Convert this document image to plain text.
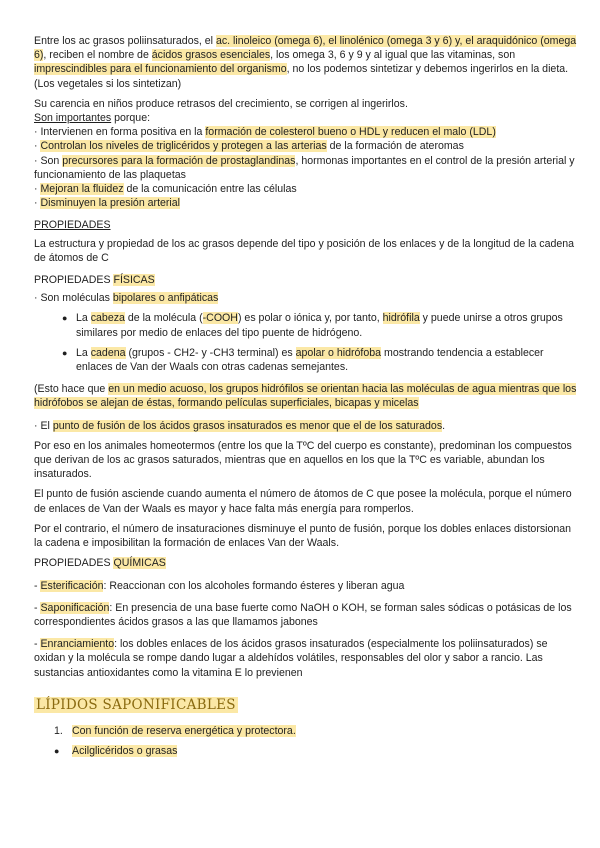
Entre los ac grasos poliinsaturados, el ac. linoleico (omega 6), el linolénico (omega 3 y 6) y, el araquidónico (omega 6), reciben el nombre de ácidos grasos esenciales, los omega 3, 6 y 9 y al igual que las vitaminas, son imprescindibles para el funcionamiento del organismo, no los podemos sintetizar y debemos ingerirlos en la dieta. (Los vegetales si los sintetizan)

Su carencia en niños produce retrasos del crecimiento, se corrigen al ingerirlos.

Son importantes porque:

· Intervienen en forma positiva en la formación de colesterol bueno o HDL y reducen el malo (LDL)

· Controlan los niveles de triglicéridos y protegen a las arterias de la formación de ateromas

· Son precursores para la formación de prostaglandinas, hormonas importantes en el control de la presión arterial y funcionamiento de las plaquetas

· Mejoran la fluidez de la comunicación entre las células

· Disminuyen la presión arterial

PROPIEDADES

La estructura y propiedad de los ac grasos depende del tipo y posición de los enlaces y de la longitud de la cadena de átomos de C

PROPIEDADES FÍSICAS

· Son moléculas bipolares o anfipáticas

● La cabeza de la molécula (-COOH) es polar o iónica y, por tanto, hidrófila y puede unirse a otros grupos similares por medio de enlaces del tipo puente de hidrógeno.
● La cadena (grupos - CH2- y -CH3 terminal) es apolar o hidrófoba mostrando tendencia a establecer enlaces de Van der Waals con otras cadenas semejantes.

(Esto hace que en un medio acuoso, los grupos hidrófilos se orientan hacia las moléculas de agua mientras que los hidrófobos se alejan de éstas, formando películas superficiales, bicapas y micelas

· El punto de fusión de los ácidos grasos insaturados es menor que el de los saturados.

Por eso en los animales homeotermos (entre los que la TºC del cuerpo es constante), predominan los compuestos que derivan de los ac grasos saturados, mientras que en aquellos en los que la TºC es variable, abundan los insaturados.

El punto de fusión asciende cuando aumenta el número de átomos de C que posee la molécula, porque el número de enlaces de Van der Waals es mayor y hace falta más energía para romperlos.

Por el contrario, el número de insaturaciones disminuye el punto de fusión, porque los dobles enlaces distorsionan la cadena e imposibilitan la formación de enlaces Van der Waals.

PROPIEDADES QUÍMICAS

- Esterificación: Reaccionan con los alcoholes formando ésteres y liberan agua

- Saponificación: En presencia de una base fuerte como NaOH o KOH, se forman sales sódicas o potásicas de los correspondientes ácidos grasos a las que llamamos jabones

- Enranciamiento: los dobles enlaces de los ácidos grasos insaturados (especialmente los poliinsaturados) se oxidan y la molécula se rompe dando lugar a aldehídos volátiles, responsables del olor y sabor a rancio. Las sustancias antioxidantes como la vitamina E lo previenen

LÍPIDOS SAPONIFICABLES

1. Con función de reserva energética y protectora.
●	Acilglicéridos o grasas
